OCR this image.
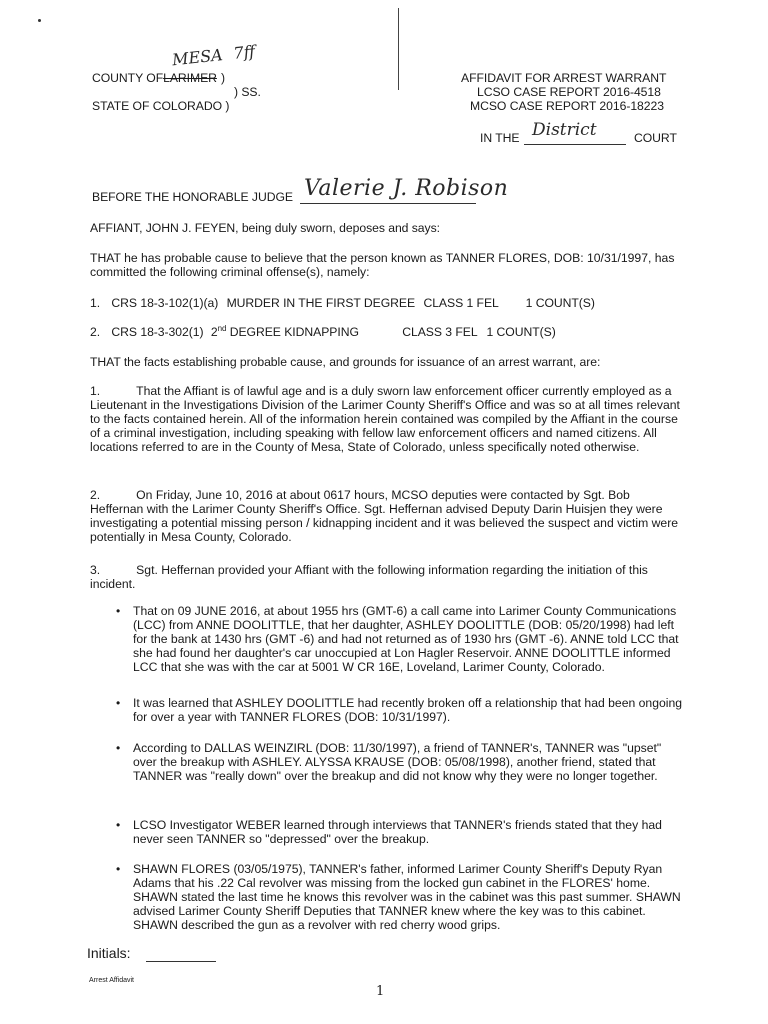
MESA 7ff
COUNTY OFLARIMER )
) SS.
STATE OF COLORADO )
AFFIDAVIT FOR ARREST WARRANT
LCSO CASE REPORT 2016-4518
MCSO CASE REPORT 2016-18223
IN THE District	COURT
BEFORE THE HONORABLE JUDGE Valerie J. Robison
AFFIANT, JOHN J. FEYEN, being duly sworn, deposes and says:
THAT he has probable cause to believe that the person known as TANNER FLORES, DOB: 10/31/1997, has committed the following criminal offense(s), namely:
1. CRS 18-3-102(1)(a) MURDER IN THE FIRST DEGREE CLASS 1 FEL 1 COUNT(S)
2. CRS 18-3-302(1) 2nd DEGREE KIDNAPPING	CLASS 3 FEL 1 COUNT(S)
THAT the facts establishing probable cause, and grounds for issuance of an arrest warrant, are:
1.	That the Affiant is of lawful age and is a duly sworn law enforcement officer currently employed as a Lieutenant in the Investigations Division of the Larimer County Sheriff's Office and was so at all times relevant to the facts contained herein. All of the information herein contained was compiled by the Affiant in the course of a criminal investigation, including speaking with fellow law enforcement officers and named citizens. All locations referred to are in the County of Mesa, State of Colorado, unless specifically noted otherwise.
2.	On Friday, June 10, 2016 at about 0617 hours, MCSO deputies were contacted by Sgt. Bob Heffernan with the Larimer County Sheriff's Office. Sgt. Heffernan advised Deputy Darin Huisjen they were investigating a potential missing person / kidnapping incident and it was believed the suspect and victim were potentially in Mesa County, Colorado.
3.	Sgt. Heffernan provided your Affiant with the following information regarding the initiation of this incident.
• That on 09 JUNE 2016, at about 1955 hrs (GMT-6) a call came into Larimer County Communications (LCC) from ANNE DOOLITTLE, that her daughter, ASHLEY DOOLITTLE (DOB: 05/20/1998) had left for the bank at 1430 hrs (GMT -6) and had not returned as of 1930 hrs (GMT -6). ANNE told LCC that she had found her daughter's car unoccupied at Lon Hagler Reservoir. ANNE DOOLITTLE informed LCC that she was with the car at 5001 W CR 16E, Loveland, Larimer County, Colorado.
• It was learned that ASHLEY DOOLITTLE had recently broken off a relationship that had been ongoing for over a year with TANNER FLORES (DOB: 10/31/1997).
• According to DALLAS WEINZIRL (DOB: 11/30/1997), a friend of TANNER's, TANNER was "upset" over the breakup with ASHLEY. ALYSSA KRAUSE (DOB: 05/08/1998), another friend, stated that TANNER was "really down" over the breakup and did not know why they were no longer together.
• LCSO Investigator WEBER learned through interviews that TANNER's friends stated that they had never seen TANNER so "depressed" over the breakup.
• SHAWN FLORES (03/05/1975), TANNER's father, informed Larimer County Sheriff's Deputy Ryan Adams that his .22 Cal revolver was missing from the locked gun cabinet in the FLORES' home. SHAWN stated the last time he knows this revolver was in the cabinet was this past summer. SHAWN advised Larimer County Sheriff Deputies that TANNER knew where the key was to this cabinet. SHAWN described the gun as a revolver with red cherry wood grips.
Initials:
Arrest Affidavit
1
